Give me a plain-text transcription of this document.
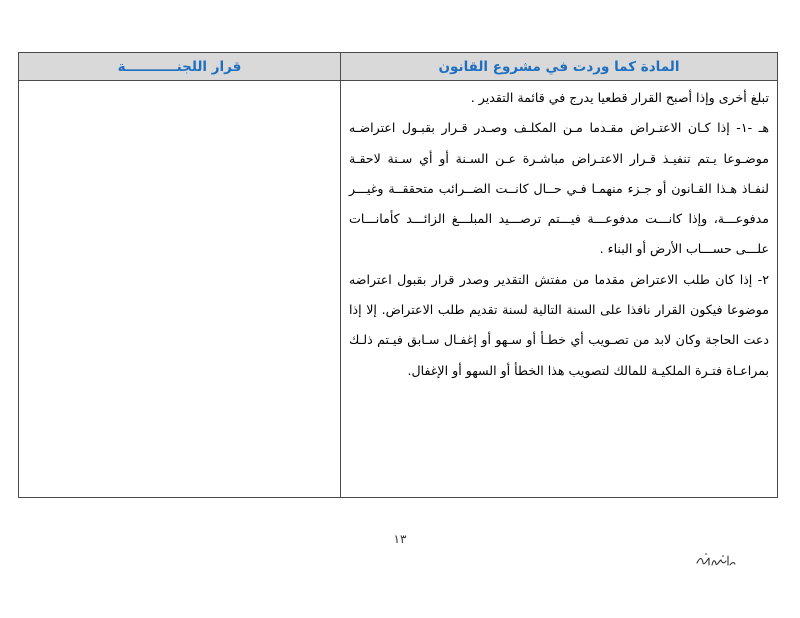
قرار اللجنـــــــــــة	المادة كما وردت في مشروع القانون

تبلغ أخرى وإذا أصبح القرار قطعيا يدرج في قائمة التقدير .

هـ -١- إذا كـان الاعتـراض مقـدما مـن المكلـف وصـدر قـرار بقبـول اعتراضـه موضـوعا يـتم تنفيـذ قـرار الاعتـراض مباشـرة عـن السـنة أو أي سـنة لاحقـة لنفـاذ هـذا القـانون أو جـزء منهمـا فـي حــال كانــت الضــرائب متحققــة وغيـــر مدفوعـــة، وإذا كانـــت مدفوعـــة فيـــتم ترصـــيد المبلـــغ الزائـــد كأمانـــات علـــى حســـاب الأرض أو البناء .

٢- إذا كان طلب الاعتراض مقدما من مفتش التقدير وصدر قرار بقبول اعتراضه موضوعا فيكون القرار نافذا على السنة التالية لسنة تقديم طلب الاعتراض. إلا إذا دعت الحاجة وكان لابد من تصـويب أي خطـأ أو سـهو أو إغفـال سـابق فيـتم ذلـك بمراعـاة فتـرة الملكيـة للمالك لتصويب هذا الخطأ أو السهو أو الإغفال.

١٣
